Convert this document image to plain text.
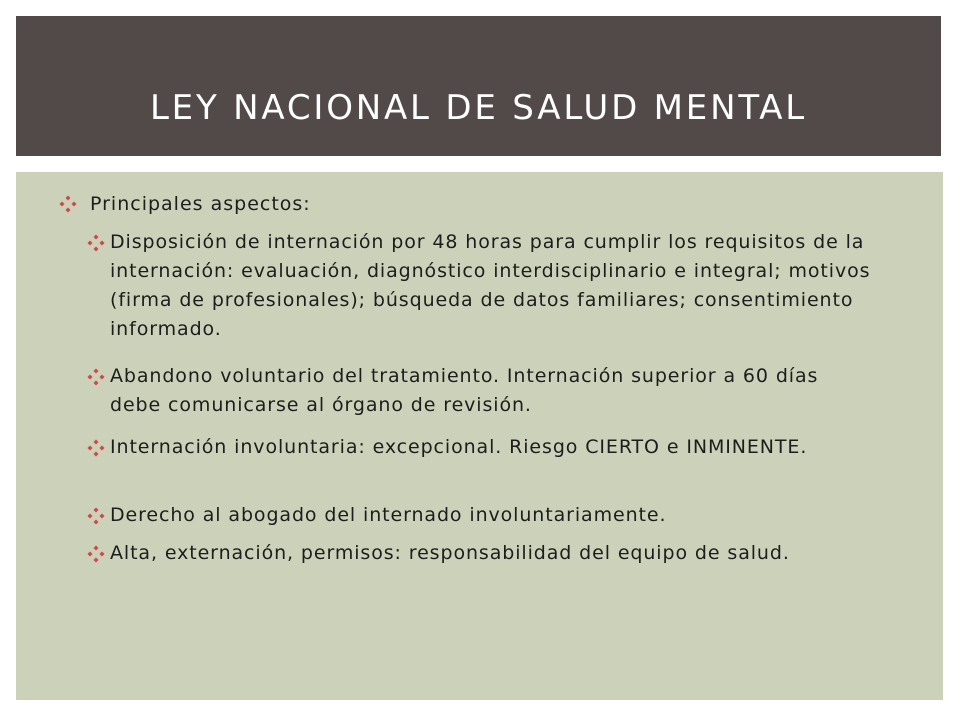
LEY NACIONAL DE SALUD MENTAL
Principales aspectos:
Disposición de internación por 48 horas para cumplir los requisitos de la internación: evaluación, diagnóstico interdisciplinario e integral; motivos (firma de profesionales); búsqueda de datos familiares; consentimiento informado.
Abandono voluntario del tratamiento. Internación superior a 60 días debe comunicarse al órgano de revisión.
Internación involuntaria: excepcional. Riesgo CIERTO e INMINENTE.
Derecho al abogado del internado involuntariamente.
Alta, externación, permisos: responsabilidad del equipo de salud.
